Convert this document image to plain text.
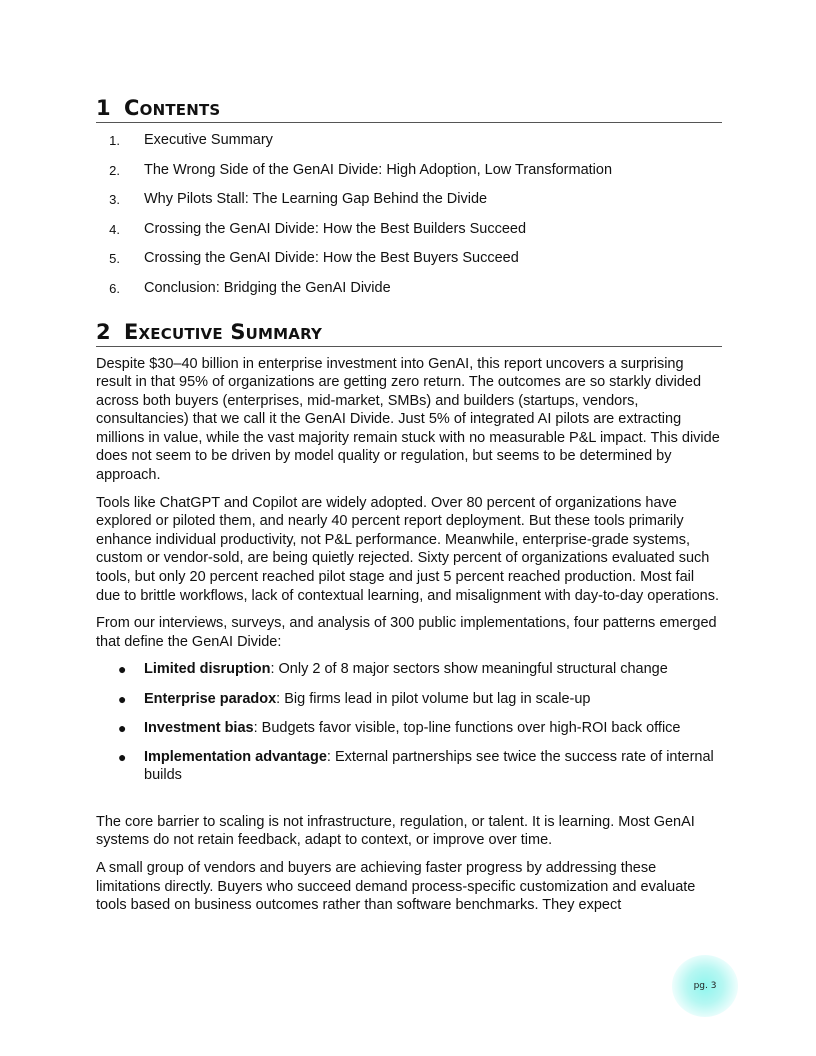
1 Contents
1.	Executive Summary
2.	The Wrong Side of the GenAI Divide: High Adoption, Low Transformation
3.	Why Pilots Stall: The Learning Gap Behind the Divide
4.	Crossing the GenAI Divide: How the Best Builders Succeed
5.	Crossing the GenAI Divide: How the Best Buyers Succeed
6.	Conclusion: Bridging the GenAI Divide
2 Executive Summary

Despite $30–40 billion in enterprise investment into GenAI, this report uncovers a surprising result in that 95% of organizations are getting zero return. The outcomes are so starkly divided across both buyers (enterprises, mid-market, SMBs) and builders (startups, vendors, consultancies) that we call it the GenAI Divide. Just 5% of integrated AI pilots are extracting millions in value, while the vast majority remain stuck with no measurable P&L impact. This divide does not seem to be driven by model quality or regulation, but seems to be determined by approach.

Tools like ChatGPT and Copilot are widely adopted. Over 80 percent of organizations have explored or piloted them, and nearly 40 percent report deployment. But these tools primarily enhance individual productivity, not P&L performance. Meanwhile, enterprise-grade systems, custom or vendor-sold, are being quietly rejected. Sixty percent of organizations evaluated such tools, but only 20 percent reached pilot stage and just 5 percent reached production. Most fail due to brittle workflows, lack of contextual learning, and misalignment with day-to-day operations.

From our interviews, surveys, and analysis of 300 public implementations, four patterns emerged that define the GenAI Divide:

●	Limited disruption: Only 2 of 8 major sectors show meaningful structural change
●	Enterprise paradox: Big firms lead in pilot volume but lag in scale-up
●	Investment bias: Budgets favor visible, top-line functions over high-ROI back office
●	Implementation advantage: External partnerships see twice the success rate of internal builds

The core barrier to scaling is not infrastructure, regulation, or talent. It is learning. Most GenAI systems do not retain feedback, adapt to context, or improve over time.

A small group of vendors and buyers are achieving faster progress by addressing these limitations directly. Buyers who succeed demand process-specific customization and evaluate tools based on business outcomes rather than software benchmarks. They expect

pg. 3
